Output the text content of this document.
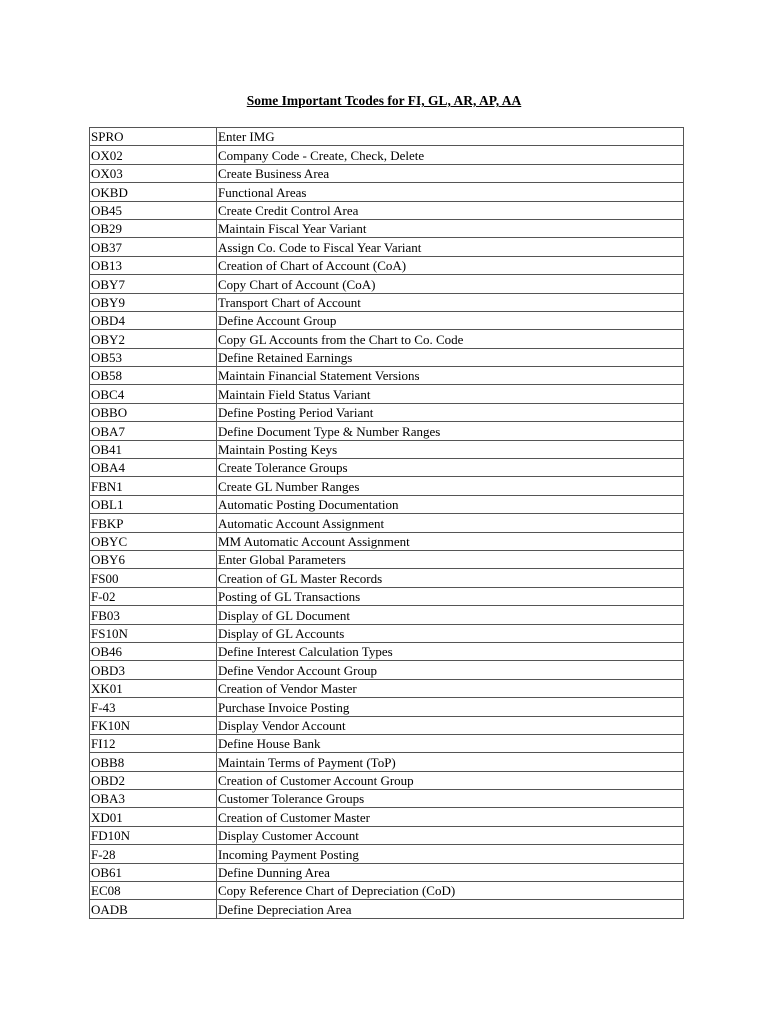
Some Important Tcodes for FI, GL, AR, AP, AA
SPRO	Enter IMG
OX02	Company Code - Create, Check, Delete
OX03	Create Business Area
OKBD	Functional Areas
OB45	Create Credit Control Area
OB29	Maintain Fiscal Year Variant
OB37	Assign Co. Code to Fiscal Year Variant
OB13	Creation of Chart of Account (CoA)
OBY7	Copy Chart of Account (CoA)
OBY9	Transport Chart of Account
OBD4	Define Account Group
OBY2	Copy GL Accounts from the Chart to Co. Code
OB53	Define Retained Earnings
OB58	Maintain Financial Statement Versions
OBC4	Maintain Field Status Variant
OBBO	Define Posting Period Variant
OBA7	Define Document Type & Number Ranges
OB41	Maintain Posting Keys
OBA4	Create Tolerance Groups
FBN1	Create GL Number Ranges
OBL1	Automatic Posting Documentation
FBKP	Automatic Account Assignment
OBYC	MM Automatic Account Assignment
OBY6	Enter Global Parameters
FS00	Creation of GL Master Records
F-02	Posting of GL Transactions
FB03	Display of GL Document
FS10N	Display of GL Accounts
OB46	Define Interest Calculation Types
OBD3	Define Vendor Account Group
XK01	Creation of Vendor Master
F-43	Purchase Invoice Posting
FK10N	Display Vendor Account
FI12	Define House Bank
OBB8	Maintain Terms of Payment (ToP)
OBD2	Creation of Customer Account Group
OBA3	Customer Tolerance Groups
XD01	Creation of Customer Master
FD10N	Display Customer Account
F-28	Incoming Payment Posting
OB61	Define Dunning Area
EC08	Copy Reference Chart of Depreciation (CoD)
OADB	Define Depreciation Area
